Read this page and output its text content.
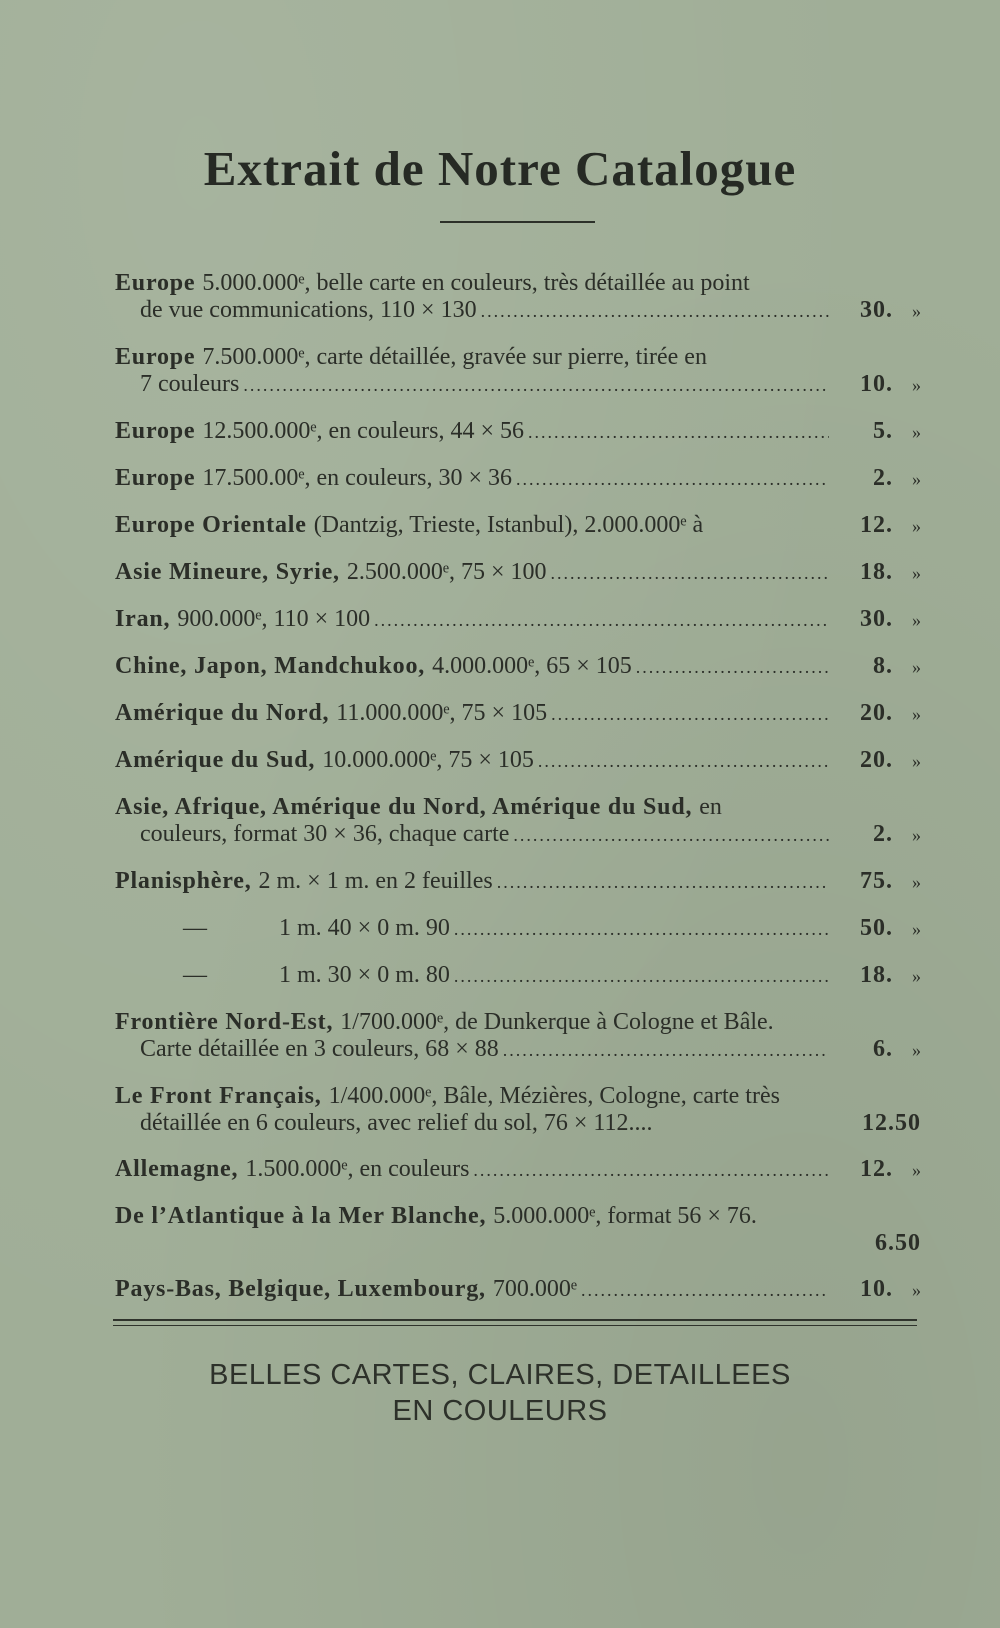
Extrait de Notre Catalogue
Europe 5.000.000ᵉ, belle carte en couleurs, très détaillée au point
de vue communications, 110 × 130 .....	30.	»
Europe 7.500.000ᵉ, carte détaillée, gravée sur pierre, tirée en
7 couleurs .....	10.	»
Europe 12.500.000ᵉ, en couleurs, 44 × 56 .....	5.	»
Europe 17.500.00ᵉ, en couleurs, 30 × 36 .....	2.	»
Europe Orientale (Dantzig, Trieste, Istanbul), 2.000.000ᵉ à	12.	»
Asie Mineure, Syrie, 2.500.000ᵉ, 75 × 100 .....	18.	»
Iran, 900.000ᵉ, 110 × 100 .....	30.	»
Chine, Japon, Mandchukoo, 4.000.000ᵉ, 65 × 105 .....	8.	»
Amérique du Nord, 11.000.000ᵉ, 75 × 105 .....	20.	»
Amérique du Sud, 10.000.000ᵉ, 75 × 105 .....	20.	»
Asie, Afrique, Amérique du Nord, Amérique du Sud, en
couleurs, format 30 × 36, chaque carte .....	2.	»
Planisphère, 2 m. × 1 m. en 2 feuilles .....	75.	»
—	1 m. 40 × 0 m. 90 .....	50.	»
—	1 m. 30 × 0 m. 80 .....	18.	»
Frontière Nord-Est, 1/700.000ᵉ, de Dunkerque à Cologne et Bâle.
Carte détaillée en 3 couleurs, 68 × 88 .....	6.	»
Le Front Français, 1/400.000ᵉ, Bâle, Mézières, Cologne, carte très
détaillée en 6 couleurs, avec relief du sol, 76 × 112....	12.50
Allemagne, 1.500.000ᵉ, en couleurs .....	12.	»
De l’Atlantique à la Mer Blanche, 5.000.000ᵉ, format 56 × 76.
6.50
Pays-Bas, Belgique, Luxembourg, 700.000ᵉ .....	10.	»
BELLES CARTES, CLAIRES, DETAILLEES
EN COULEURS
